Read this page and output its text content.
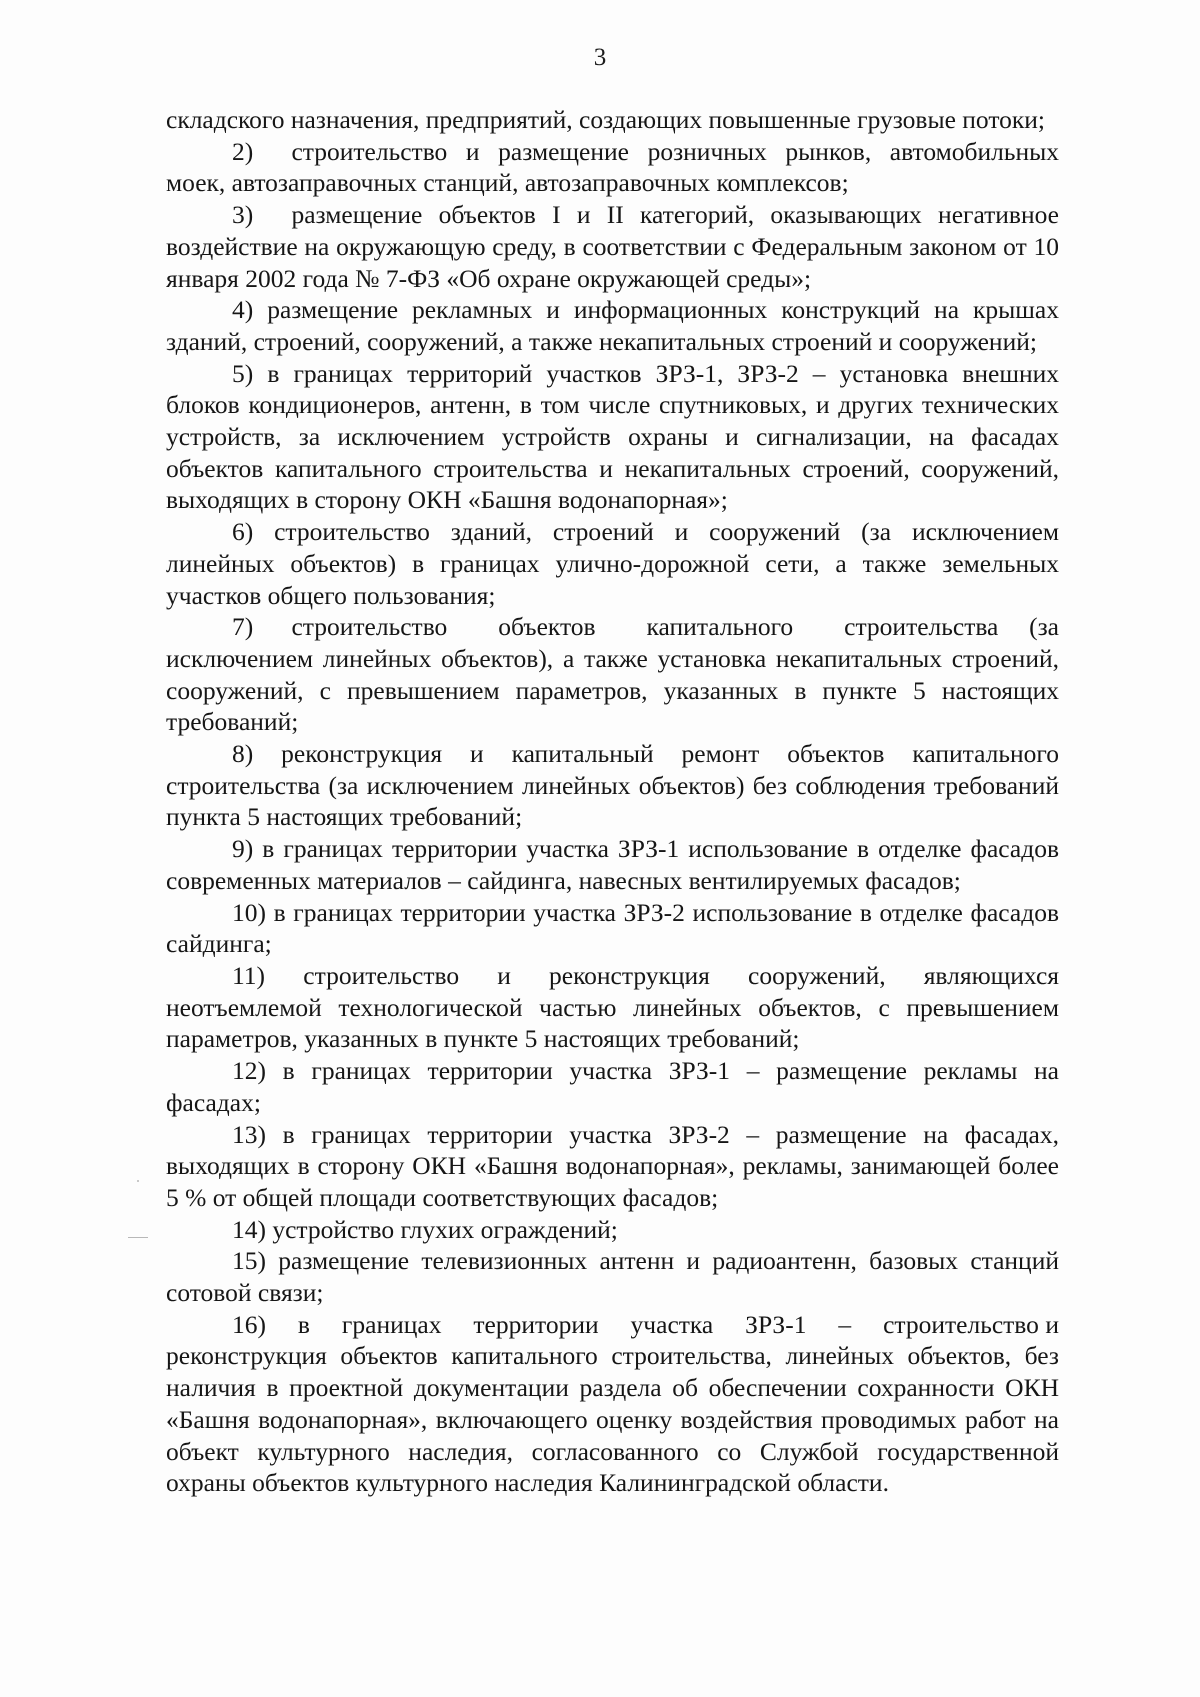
3

складского назначения, предприятий, создающих повышенные грузовые потоки;

2)  строительство и размещение розничных рынков, автомобильных моек, автозаправочных станций, автозаправочных комплексов;

3)  размещение объектов I и II категорий, оказывающих негативное воздействие на окружающую среду, в соответствии с Федеральным законом от 10 января 2002 года № 7-ФЗ «Об охране окружающей среды»;

4) размещение рекламных и информационных конструкций на крышах зданий, строений, сооружений, а также некапитальных строений и сооружений;

5) в границах территорий участков ЗРЗ-1, ЗРЗ-2 – установка внешних блоков кондиционеров, антенн, в том числе спутниковых, и других технических устройств, за исключением устройств охраны и сигнализации, на фасадах объектов капитального строительства и некапитальных строений, сооружений, выходящих в сторону ОКН «Башня водонапорная»;

6) строительство зданий, строений и сооружений (за исключением линейных объектов) в границах улично-дорожной сети, а также земельных участков общего пользования;

7)  строительство  объектов  капитального  строительства (за исключением линейных объектов), а также установка некапитальных строений, сооружений, с превышением параметров, указанных в пункте 5 настоящих требований;

8) реконструкция и капитальный ремонт объектов капитального строительства (за исключением линейных объектов) без соблюдения требований пункта 5 настоящих требований;

9) в границах территории участка ЗРЗ-1 использование в отделке фасадов современных материалов – сайдинга, навесных вентилируемых фасадов;

10) в границах территории участка ЗРЗ-2 использование в отделке фасадов сайдинга;

11)  строительство  и  реконструкция  сооружений,  являющихся неотъемлемой технологической частью линейных объектов, с превышением параметров, указанных в пункте 5 настоящих требований;

12) в границах территории участка ЗРЗ-1 – размещение рекламы на фасадах;

13) в границах территории участка ЗРЗ-2 – размещение на фасадах, выходящих в сторону ОКН «Башня водонапорная», рекламы, занимающей более 5 % от общей площади соответствующих фасадов;

14) устройство глухих ограждений;

15) размещение телевизионных антенн и радиоантенн, базовых станций сотовой связи;

16)  в  границах  территории  участка  ЗРЗ-1  –  строительство и реконструкция объектов капитального строительства, линейных объектов, без наличия в проектной документации раздела об обеспечении сохранности ОКН «Башня водонапорная», включающего оценку воздействия проводимых работ на объект культурного наследия, согласованного со Службой государственной охраны объектов культурного наследия Калининградской области.
